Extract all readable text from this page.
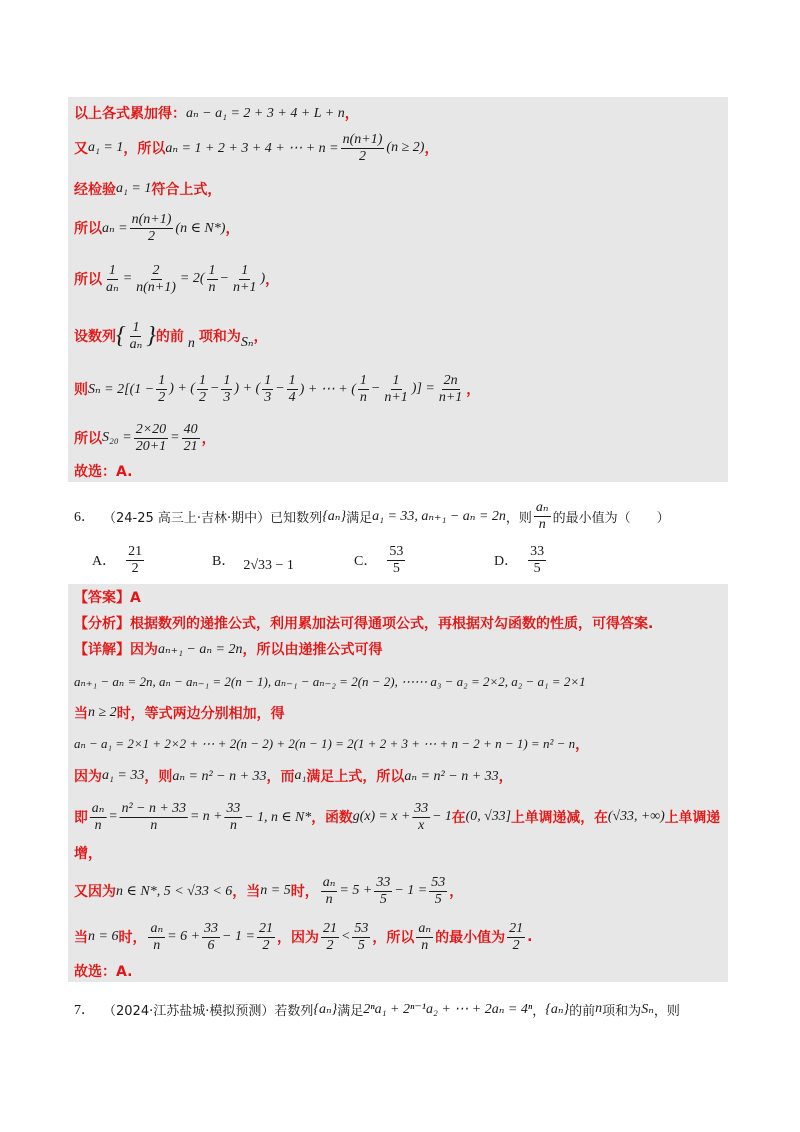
以上各式累加得： aₙ − a₁ = 2 + 3 + 4 + L + n ，
又 a₁ = 1 ，所以 aₙ = 1 + 2 + 3 + 4 + ⋯ + $n = \frac{n(n+1)}{2} (n \ge 2)$ ，
经检验 a₁ = 1 符合上式，
所以 $a_n = \frac{n(n+1)}{2} (n$ ∈ N*) ，
所以 $\frac{1}{\text{aₙ}} = \frac{2}{n(n+1)} = 2( \frac{1}{n} - \frac{1}{n+1}$ ) ，
设数列 { $\frac{1}{\text{aₙ}}$ } 的前 n 项和为 Sₙ ，
则 $S_n = 2[(1 - \frac{1}{2}$ ) + ( $\frac{1}{2} - \frac{1}{3}$ ) + ( $\frac{1}{3} - \frac{1}{4}$ ) + ⋯ + ( $\frac{1}{n} - \frac{1}{n+1}$ )] = $\frac{2n}{n+1}$ ，
所以 $S_{20} = \frac{2\times 20}{20+1} = \frac{40}{21}$ ，
故选：A.
6． （24-25 高三上·吉林·期中）已知数列 {aₙ} 满足 a₁ = 33, aₙ₊₁ − aₙ = 2n ，则 $\frac{\text{aₙ}}{n}$ 的最小值为（　　）
A． $\frac{21}{2}$	B． 2√33 − 1	C． $\frac{53}{5}$	D． $\frac{33}{5}$
【答案】A
【分析】根据数列的递推公式，利用累加法可得通项公式，再根据对勾函数的性质，可得答案.
【详解】因为 aₙ₊₁ − aₙ = 2n ，所以由递推公式可得
aₙ₊₁ − aₙ = 2n, aₙ − aₙ₋₁ = 2(n − 1), aₙ₋₁ − aₙ₋₂ = 2(n − 2), ⋯⋯ a₃ − a₂ = 2×2, a₂ − a₁ = 2×1
当 n ≥ 2 时，等式两边分别相加，得
aₙ − a₁ = 2×1 + 2×2 + ⋯ + 2(n − 2) + 2(n − 1) = 2(1 + 2 + 3 + ⋯ + n − 2 + n − 1) = n² − n ，
因为 a₁ = 33 ，则 aₙ = n² − n + 33 ，而 a₁ 满足上式，所以 aₙ = n² − n + 33 ，
即 $\frac{\text{aₙ}}{n} = \frac{\text{n² − n + 33}}{n} = n + \frac{33}{n} - 1$, n ∈ N* ，函数 $g(x) = x + \frac{33}{x} - 1$ 在 (0, √33] 上单调递减，在 (√33, +∞) 上单调递
增，
又因为 n ∈ N*, 5 < √33 < 6 ，当 n = 5 时， $\frac{\text{aₙ}}{n} = 5 + \frac{33}{5} - 1 = \frac{53}{5}$ ，
当 n = 6 时， $\frac{\text{aₙ}}{n} = 6 + \frac{33}{6} - 1 = \frac{21}{2}$ ，因为 $\frac{21}{2} < \frac{53}{5}$ ，所以 $\frac{\text{aₙ}}{n}$ 的最小值为 $\frac{21}{2}$ .
故选：A.
7． （2024·江苏盐城·模拟预测）若数列 {aₙ} 满足 2ⁿa₁ + 2ⁿ⁻¹a₂ + ⋯ + 2aₙ = 4ⁿ ， {aₙ} 的前 n 项和为 Sₙ ，则
